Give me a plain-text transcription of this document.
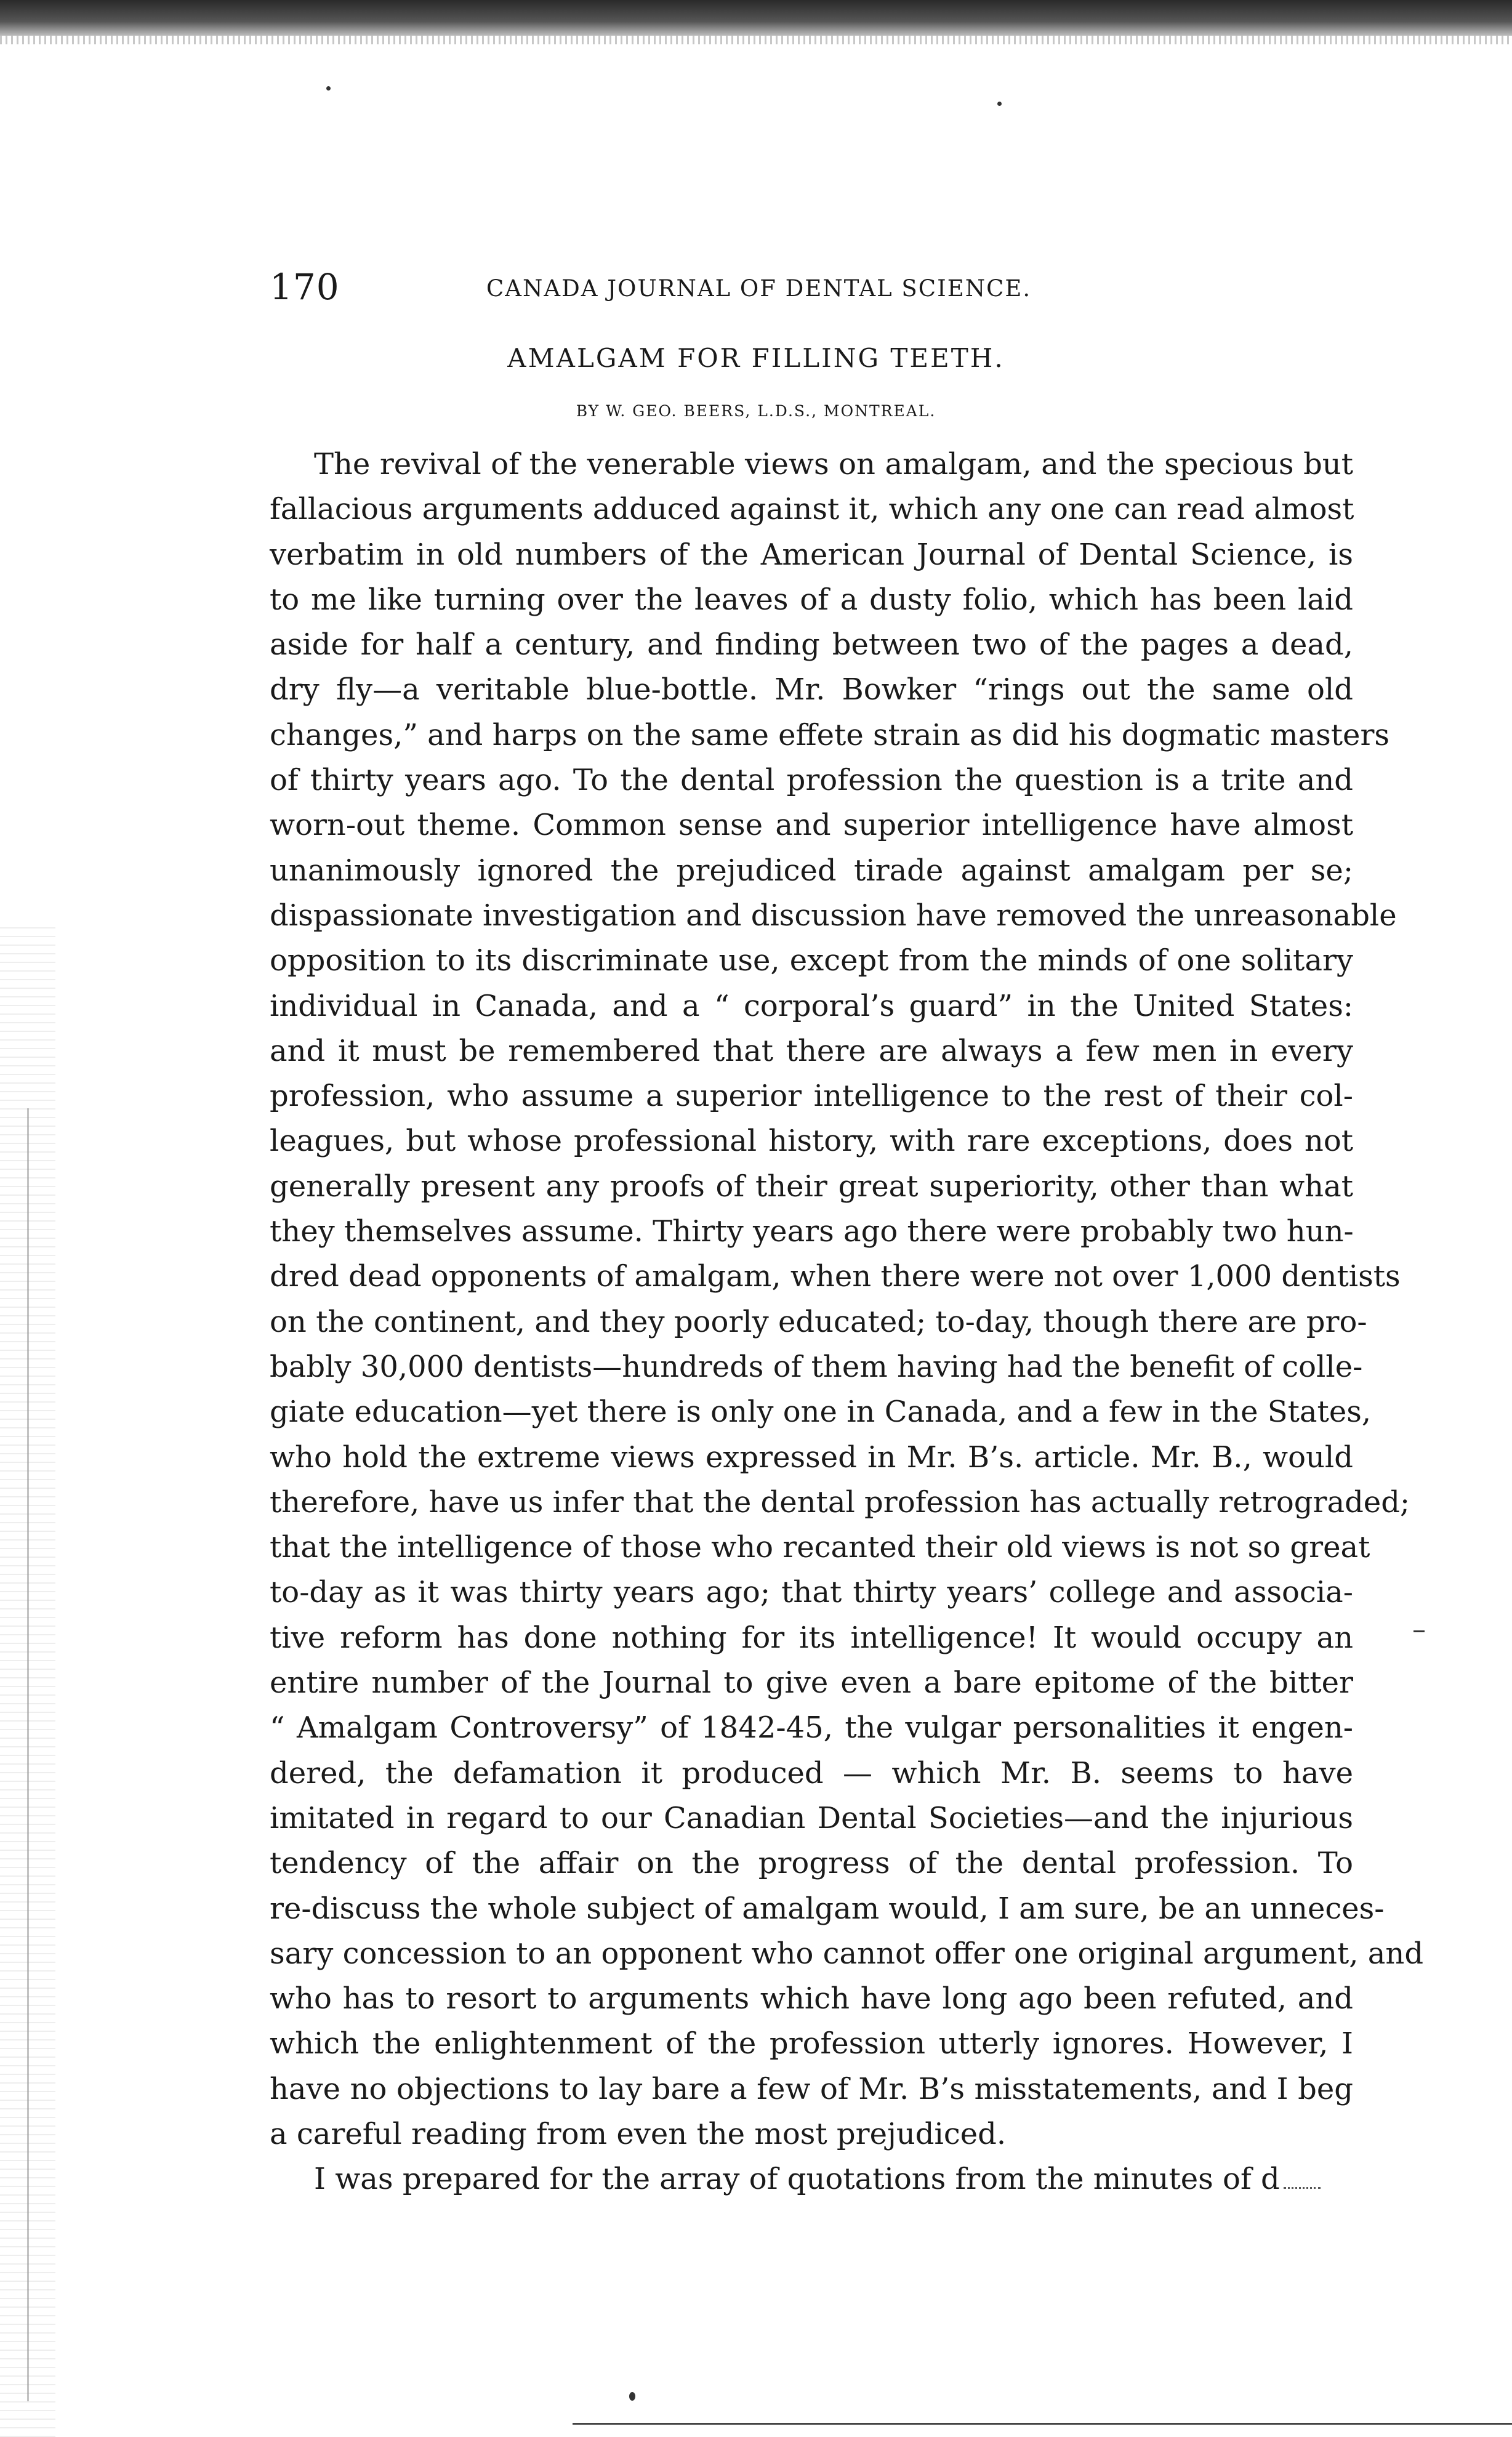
170	CANADA JOURNAL OF DENTAL SCIENCE.
AMALGAM FOR FILLING TEETH.
BY W. GEO. BEERS, L.D.S., MONTREAL.
The revival of the venerable views on amalgam, and the specious but
fallacious arguments adduced against it, which any one can read almost
verbatim in old numbers of the American Journal of Dental Science, is
to me like turning over the leaves of a dusty folio, which has been laid
aside for half a century, and finding between two of the pages a dead,
dry fly—a veritable blue-bottle. Mr. Bowker “rings out the same old
changes,” and harps on the same effete strain as did his dogmatic masters
of thirty years ago. To the dental profession the question is a trite and
worn-out theme. Common sense and superior intelligence have almost
unanimously ignored the prejudiced tirade against amalgam per se;
dispassionate investigation and discussion have removed the unreasonable
opposition to its discriminate use, except from the minds of one solitary
individual in Canada, and a “ corporal’s guard” in the United States:
and it must be remembered that there are always a few men in every
profession, who assume a superior intelligence to the rest of their col-
leagues, but whose professional history, with rare exceptions, does not
generally present any proofs of their great superiority, other than what
they themselves assume. Thirty years ago there were probably two hun-
dred dead opponents of amalgam, when there were not over 1,000 dentists
on the continent, and they poorly educated; to-day, though there are pro-
bably 30,000 dentists—hundreds of them having had the benefit of colle-
giate education—yet there is only one in Canada, and a few in the States,
who hold the extreme views expressed in Mr. B’s. article. Mr. B., would
therefore, have us infer that the dental profession has actually retrograded;
that the intelligence of those who recanted their old views is not so great
to-day as it was thirty years ago; that thirty years’ college and associa-
tive reform has done nothing for its intelligence! It would occupy an
entire number of the Journal to give even a bare epitome of the bitter
“ Amalgam Controversy” of 1842-45, the vulgar personalities it engen-
dered, the defamation it produced — which Mr. B. seems to have
imitated in regard to our Canadian Dental Societies—and the injurious
tendency of the affair on the progress of the dental profession. To
re-discuss the whole subject of amalgam would, I am sure, be an unneces-
sary concession to an opponent who cannot offer one original argument, and
who has to resort to arguments which have long ago been refuted, and
which the enlightenment of the profession utterly ignores. However, I
have no objections to lay bare a few of Mr. B’s misstatements, and I beg
a careful reading from even the most prejudiced.
I was prepared for the array of quotations from the minutes of d
